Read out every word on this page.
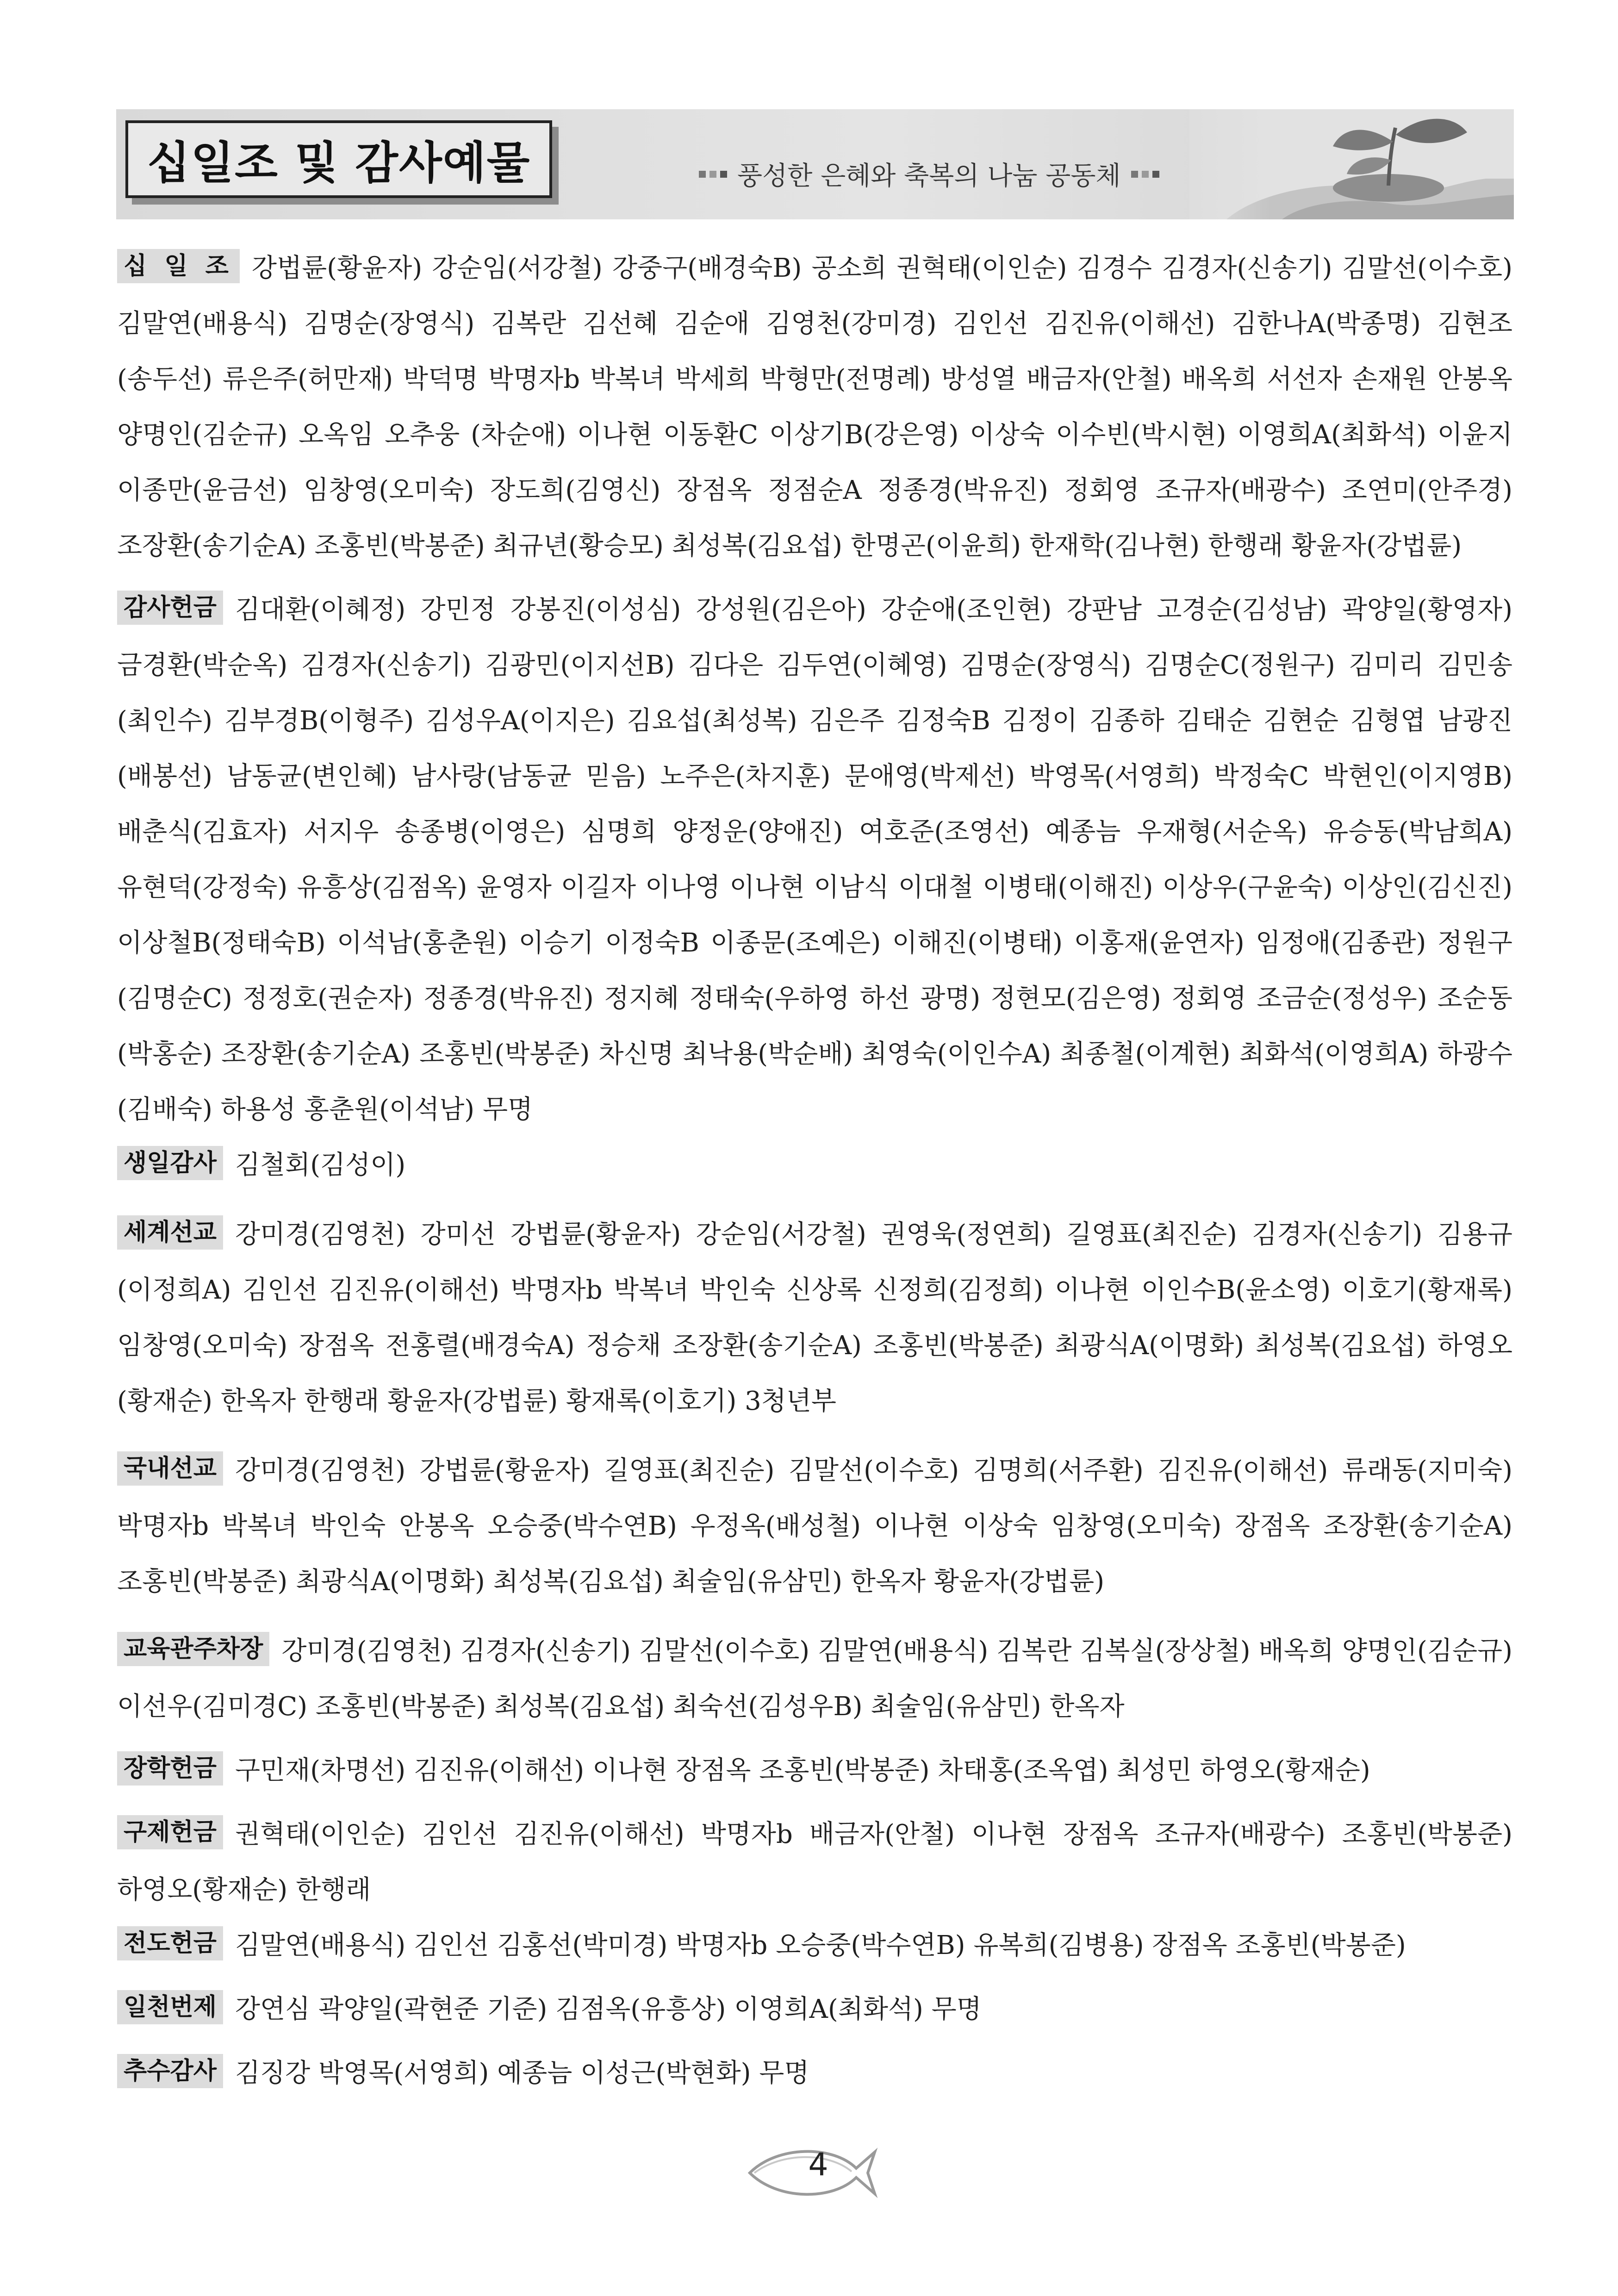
십일조 및 감사예물	풍성한 은혜와 축복의 나눔 공동체

십 일 조 강법륜(황윤자) 강순임(서강철) 강중구(배경숙B) 공소희 권혁태(이인순) 김경수 김경자(신송기) 김말선(이수호) 김말연(배용식) 김명순(장영식) 김복란 김선혜 김순애 김영천(강미경) 김인선 김진유(이해선) 김한나A(박종명) 김현조(송두선) 류은주(허만재) 박덕명 박명자b 박복녀 박세희 박형만(전명례) 방성열 배금자(안철) 배옥희 서선자 손재원 안봉옥 양명인(김순규) 오옥임 오추웅 (차순애) 이나현 이동환C 이상기B(강은영) 이상숙 이수빈(박시현) 이영희A(최화석) 이윤지 이종만(윤금선) 임창영(오미숙) 장도희(김영신) 장점옥 정점순A 정종경(박유진) 정회영 조규자(배광수) 조연미(안주경) 조장환(송기순A) 조홍빈(박봉준) 최규년(황승모) 최성복(김요섭) 한명곤(이윤희) 한재학(김나현) 한행래 황윤자(강법륜)

감사헌금 김대환(이혜정) 강민정 강봉진(이성심) 강성원(김은아) 강순애(조인현) 강판남 고경순(김성남) 곽양일(황영자) 금경환(박순옥) 김경자(신송기) 김광민(이지선B) 김다은 김두연(이혜영) 김명순(장영식) 김명순C(정원구) 김미리 김민송(최인수) 김부경B(이형주) 김성우A(이지은) 김요섭(최성복) 김은주 김정숙B 김정이 김종하 김태순 김현순 김형엽 남광진(배봉선) 남동균(변인혜) 남사랑(남동균 믿음) 노주은(차지훈) 문애영(박제선) 박영목(서영희) 박정숙C 박현인(이지영B) 배춘식(김효자) 서지우 송종병(이영은) 심명희 양정운(양애진) 여호준(조영선) 예종늠 우재형(서순옥) 유승동(박남희A) 유현덕(강정숙) 유흥상(김점옥) 윤영자 이길자 이나영 이나현 이남식 이대철 이병태(이해진) 이상우(구윤숙) 이상인(김신진) 이상철B(정태숙B) 이석남(홍춘원) 이승기 이정숙B 이종문(조예은) 이해진(이병태) 이홍재(윤연자) 임정애(김종관) 정원구(김명순C) 정정호(권순자) 정종경(박유진) 정지혜 정태숙(우하영 하선 광명) 정현모(김은영) 정회영 조금순(정성우) 조순동(박홍순) 조장환(송기순A) 조홍빈(박봉준) 차신명 최낙용(박순배) 최영숙(이인수A) 최종철(이계현) 최화석(이영희A) 하광수(김배숙) 하용성 홍춘원(이석남) 무명

생일감사 김철회(김성이)

세계선교 강미경(김영천) 강미선 강법륜(황윤자) 강순임(서강철) 권영욱(정연희) 길영표(최진순) 김경자(신송기) 김용규(이정희A) 김인선 김진유(이해선) 박명자b 박복녀 박인숙 신상록 신정희(김정희) 이나현 이인수B(윤소영) 이호기(황재록) 임창영(오미숙) 장점옥 전홍렬(배경숙A) 정승채 조장환(송기순A) 조홍빈(박봉준) 최광식A(이명화) 최성복(김요섭) 하영오(황재순) 한옥자 한행래 황윤자(강법륜) 황재록(이호기) 3청년부

국내선교 강미경(김영천) 강법륜(황윤자) 길영표(최진순) 김말선(이수호) 김명희(서주환) 김진유(이해선) 류래동(지미숙) 박명자b 박복녀 박인숙 안봉옥 오승중(박수연B) 우정옥(배성철) 이나현 이상숙 임창영(오미숙) 장점옥 조장환(송기순A) 조홍빈(박봉준) 최광식A(이명화) 최성복(김요섭) 최술임(유삼민) 한옥자 황윤자(강법륜)

교육관주차장 강미경(김영천) 김경자(신송기) 김말선(이수호) 김말연(배용식) 김복란 김복실(장상철) 배옥희 양명인(김순규) 이선우(김미경C) 조홍빈(박봉준) 최성복(김요섭) 최숙선(김성우B) 최술임(유삼민) 한옥자

장학헌금 구민재(차명선) 김진유(이해선) 이나현 장점옥 조홍빈(박봉준) 차태홍(조옥엽) 최성민 하영오(황재순)

구제헌금 권혁태(이인순) 김인선 김진유(이해선) 박명자b 배금자(안철) 이나현 장점옥 조규자(배광수) 조홍빈(박봉준) 하영오(황재순) 한행래

전도헌금 김말연(배용식) 김인선 김홍선(박미경) 박명자b 오승중(박수연B) 유복희(김병용) 장점옥 조홍빈(박봉준)

일천번제 강연심 곽양일(곽현준 기준) 김점옥(유흥상) 이영희A(최화석) 무명

추수감사 김징강 박영목(서영희) 예종늠 이성근(박현화) 무명

4
